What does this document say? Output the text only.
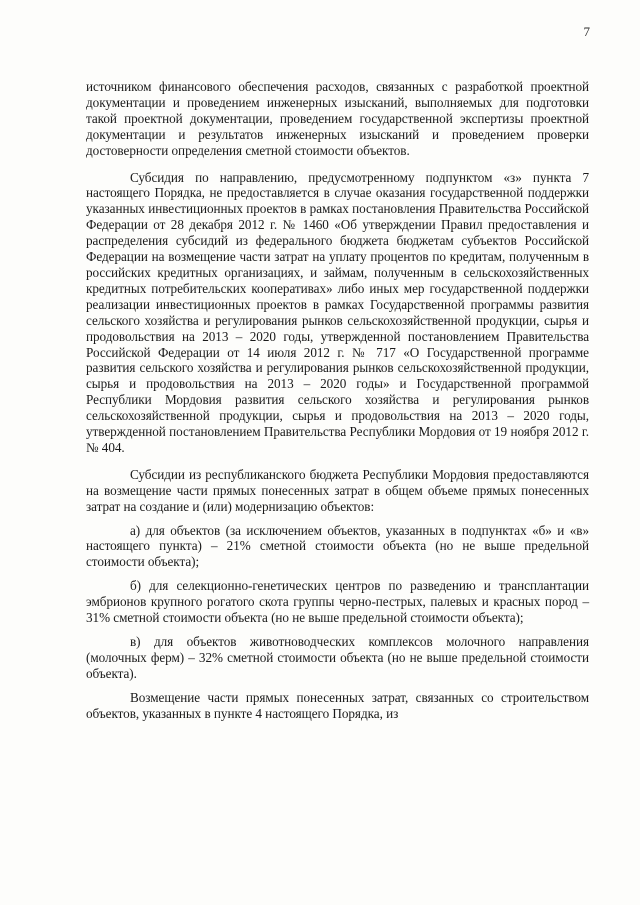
7

источником финансового обеспечения расходов, связанных с разработкой проектной документации и проведением инженерных изысканий, выполняемых для подготовки такой проектной документации, проведением государственной экспертизы проектной документации и результатов инженерных изысканий и проведением проверки достоверности определения сметной стоимости объектов.

Субсидия по направлению, предусмотренному подпунктом «з» пункта 7 настоящего Порядка, не предоставляется в случае оказания государственной поддержки указанных инвестиционных проектов в рамках постановления Правительства Российской Федерации от 28 декабря 2012 г. № 1460 «Об утверждении Правил предоставления и распределения субсидий из федерального бюджета бюджетам субъектов Российской Федерации на возмещение части затрат на уплату процентов по кредитам, полученным в российских кредитных организациях, и займам, полученным в сельскохозяйственных кредитных потребительских кооперативах» либо иных мер государственной поддержки реализации инвестиционных проектов в рамках Государственной программы развития сельского хозяйства и регулирования рынков сельскохозяйственной продукции, сырья и продовольствия на 2013 – 2020 годы, утвержденной постановлением Правительства Российской Федерации от 14 июля 2012 г. № 717 «О Государственной программе развития сельского хозяйства и регулирования рынков сельскохозяйственной продукции, сырья и продовольствия на 2013 – 2020 годы» и Государственной программой Республики Мордовия развития сельского хозяйства и регулирования рынков сельскохозяйственной продукции, сырья и продовольствия на 2013 – 2020 годы, утвержденной постановлением Правительства Республики Мордовия от 19 ноября 2012 г. № 404.

Субсидии из республиканского бюджета Республики Мордовия предоставляются на возмещение части прямых понесенных затрат в общем объеме прямых понесенных затрат на создание и (или) модернизацию объектов:

а) для объектов (за исключением объектов, указанных в подпунктах «б» и «в» настоящего пункта) – 21% сметной стоимости объекта (но не выше предельной стоимости объекта);

б) для селекционно-генетических центров по разведению и трансплантации эмбрионов крупного рогатого скота группы черно-пестрых, палевых и красных пород – 31% сметной стоимости объекта (но не выше предельной стоимости объекта);

в) для объектов животноводческих комплексов молочного направления (молочных ферм) – 32% сметной стоимости объекта (но не выше предельной стоимости объекта).

Возмещение части прямых понесенных затрат, связанных со строительством объектов, указанных в пункте 4 настоящего Порядка, из
